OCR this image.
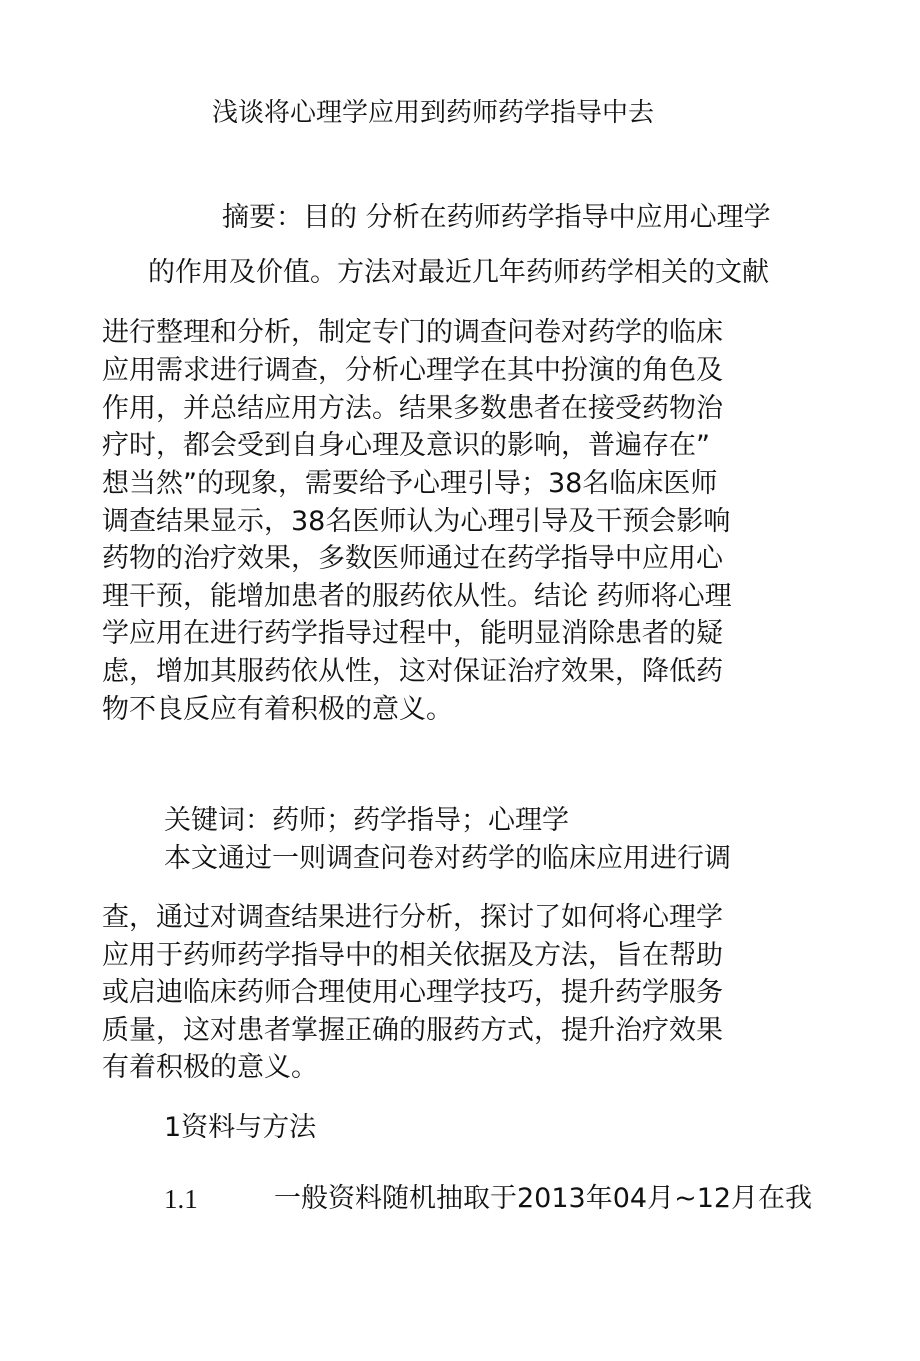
浅谈将心理学应用到药师药学指导中去
摘要：目的 分析在药师药学指导中应用心理学
的作用及价值。方法对最近几年药师药学相关的文献
进行整理和分析，制定专门的调查问卷对药学的临床
应用需求进行调查，分析心理学在其中扮演的角色及
作用，并总结应用方法。结果多数患者在接受药物治
疗时，都会受到自身心理及意识的影响，普遍存在”
想当然”的现象，需要给予心理引导；38名临床医师
调查结果显示，38名医师认为心理引导及干预会影响
药物的治疗效果，多数医师通过在药学指导中应用心
理干预，能增加患者的服药依从性。结论 药师将心理
学应用在进行药学指导过程中，能明显消除患者的疑
虑，增加其服药依从性，这对保证治疗效果，降低药
物不良反应有着积极的意义。
关键词：药师；药学指导；心理学
本文通过一则调查问卷对药学的临床应用进行调
查，通过对调查结果进行分析，探讨了如何将心理学
应用于药师药学指导中的相关依据及方法，旨在帮助
或启迪临床药师合理使用心理学技巧，提升药学服务
质量，这对患者掌握正确的服药方式，提升治疗效果
有着积极的意义。
1资料与方法
1.1	一般资料随机抽取于2013年04月~12月在我
